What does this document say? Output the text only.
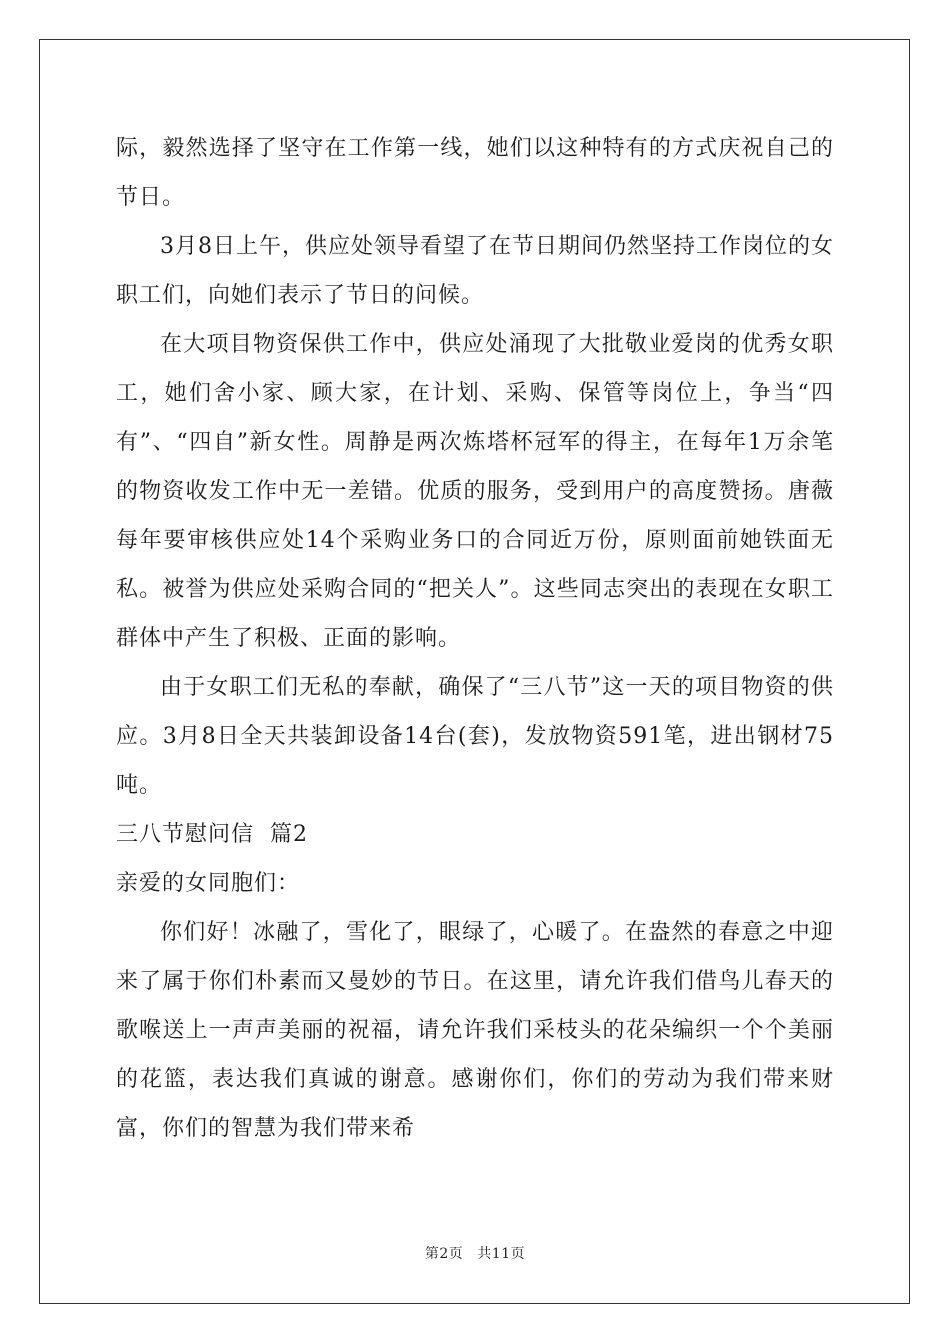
际，毅然选择了坚守在工作第一线，她们以这种特有的方式庆祝自己的节日。

3月8日上午，供应处领导看望了在节日期间仍然坚持工作岗位的女职工们，向她们表示了节日的问候。

在大项目物资保供工作中，供应处涌现了大批敬业爱岗的优秀女职工，她们舍小家、顾大家，在计划、采购、保管等岗位上，争当“四有”、“四自”新女性。周静是两次炼塔杯冠军的得主，在每年1万余笔的物资收发工作中无一差错。优质的服务，受到用户的高度赞扬。唐薇每年要审核供应处14个采购业务口的合同近万份，原则面前她铁面无私。被誉为供应处采购合同的“把关人”。这些同志突出的表现在女职工群体中产生了积极、正面的影响。

由于女职工们无私的奉献，确保了“三八节”这一天的项目物资的供应。3月8日全天共装卸设备14台(套)，发放物资591笔，进出钢材75吨。

三八节慰问信  篇2

亲爱的女同胞们：

你们好！冰融了，雪化了，眼绿了，心暖了。在盎然的春意之中迎来了属于你们朴素而又曼妙的节日。在这里，请允许我们借鸟儿春天的歌喉送上一声声美丽的祝福，请允许我们采枝头的花朵编织一个个美丽的花篮，表达我们真诚的谢意。感谢你们，你们的劳动为我们带来财富，你们的智慧为我们带来希

第2页 共11页
